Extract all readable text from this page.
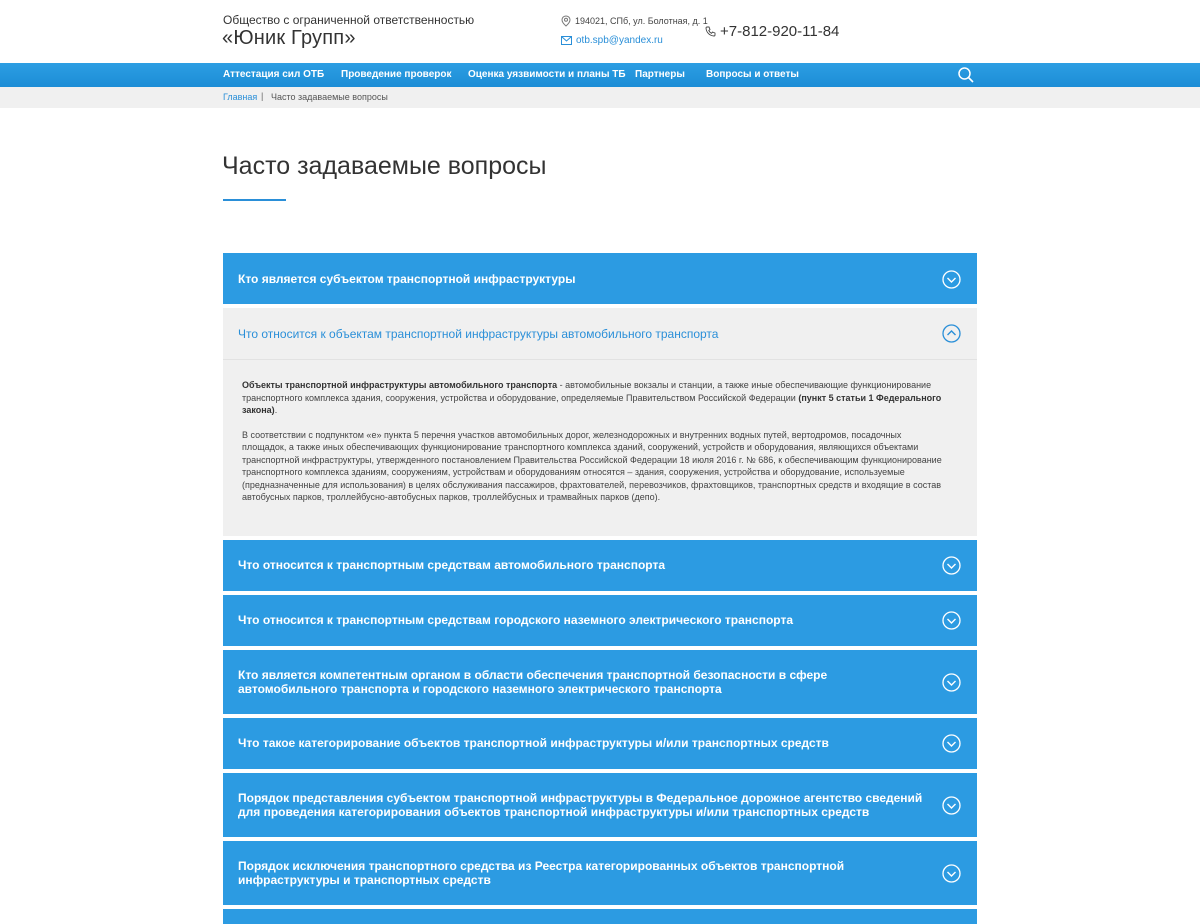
Общество с ограниченной ответственностью
«Юник Групп»
194021, СПб, ул. Болотная, д. 1
otb.spb@yandex.ru
+7-812-920-11-84
Аттестация сил ОТБ Проведение проверок Оценка уязвимости и планы ТБ Партнеры Вопросы и ответы
Главная | Часто задаваемые вопросы
Часто задаваемые вопросы
Кто является субъектом транспортной инфраструктуры
Что относится к объектам транспортной инфраструктуры автомобильного транспорта

Объекты транспортной инфраструктуры автомобильного транспорта - автомобильные вокзалы и станции, а также иные обеспечивающие функционирование транспортного комплекса здания, сооружения, устройства и оборудование, определяемые Правительством Российской Федерации (пункт 5 статьи 1 Федерального закона).

В соответствии с подпунктом «е» пункта 5 перечня участков автомобильных дорог, железнодорожных и внутренних водных путей, вертодромов, посадочных площадок, а также иных обеспечивающих функционирование транспортного комплекса зданий, сооружений, устройств и оборудования, являющихся объектами транспортной инфраструктуры, утвержденного постановлением Правительства Российской Федерации 18 июля 2016 г. № 686, к обеспечивающим функционирование транспортного комплекса зданиям, сооружениям, устройствам и оборудованиям относятся – здания, сооружения, устройства и оборудование, используемые (предназначенные для использования) в целях обслуживания пассажиров, фрахтователей, перевозчиков, фрахтовщиков, транспортных средств и входящие в состав автобусных парков, троллейбусно-автобусных парков, троллейбусных и трамвайных парков (депо).

Что относится к транспортным средствам автомобильного транспорта
Что относится к транспортным средствам городского наземного электрического транспорта
Кто является компетентным органом в области обеспечения транспортной безопасности в сфере автомобильного транспорта и городского наземного электрического транспорта
Что такое категорирование объектов транспортной инфраструктуры и/или транспортных средств
Порядок представления субъектом транспортной инфраструктуры в Федеральное дорожное агентство сведений для проведения категорирования объектов транспортной инфраструктуры и/или транспортных средств
Порядок исключения транспортного средства из Реестра категорированных объектов транспортной инфраструктуры и транспортных средств
